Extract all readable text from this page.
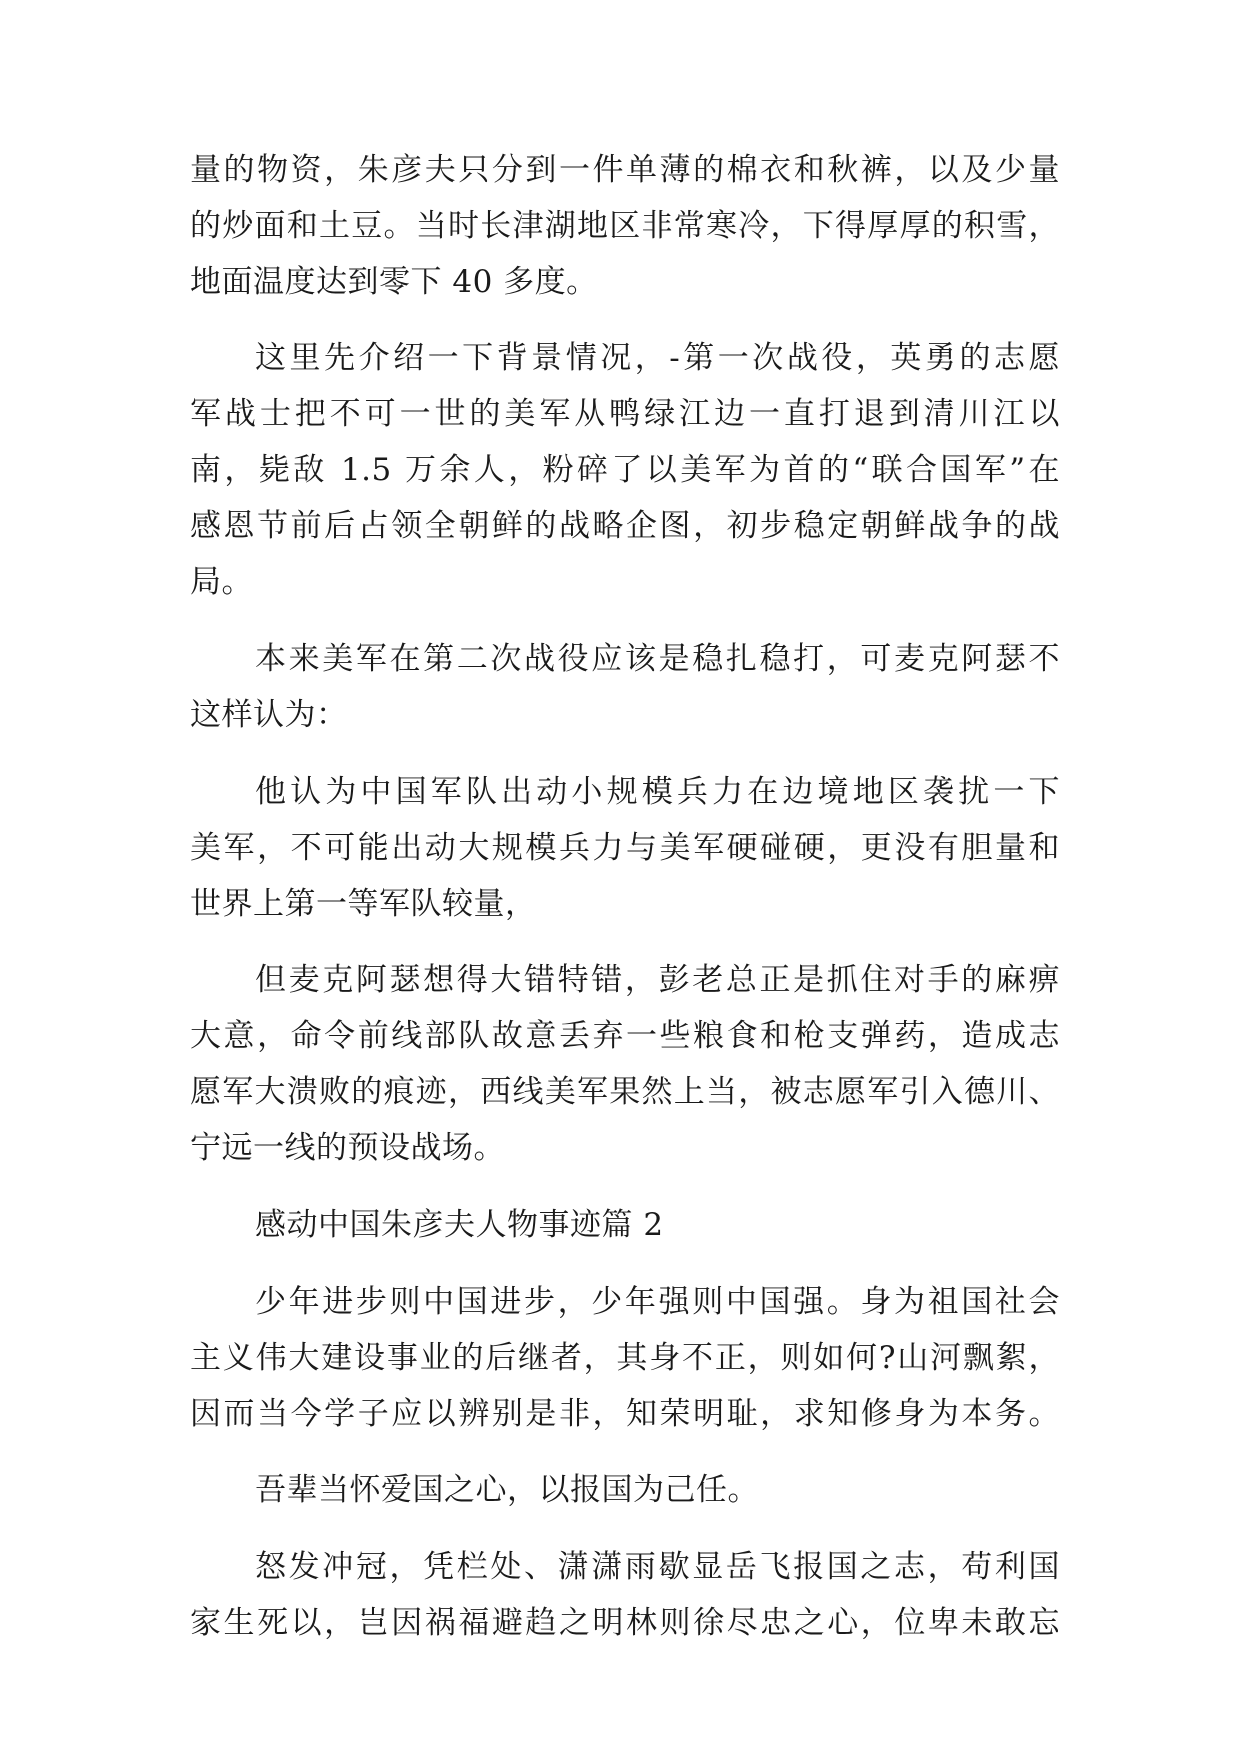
量的物资，朱彦夫只分到一件单薄的棉衣和秋裤，以及少量
的炒面和土豆。当时长津湖地区非常寒冷，下得厚厚的积雪，
地面温度达到零下 40 多度。
这里先介绍一下背景情况，-第一次战役，英勇的志愿
军战士把不可一世的美军从鸭绿江边一直打退到清川江以
南，毙敌 1.5 万余人，粉碎了以美军为首的“联合国军”在
感恩节前后占领全朝鲜的战略企图，初步稳定朝鲜战争的战
局。
本来美军在第二次战役应该是稳扎稳打，可麦克阿瑟不
这样认为：
他认为中国军队出动小规模兵力在边境地区袭扰一下
美军，不可能出动大规模兵力与美军硬碰硬，更没有胆量和
世界上第一等军队较量，
但麦克阿瑟想得大错特错，彭老总正是抓住对手的麻痹
大意，命令前线部队故意丢弃一些粮食和枪支弹药，造成志
愿军大溃败的痕迹，西线美军果然上当，被志愿军引入德川、
宁远一线的预设战场。
感动中国朱彦夫人物事迹篇 2
少年进步则中国进步，少年强则中国强。身为祖国社会
主义伟大建设事业的后继者，其身不正，则如何?山河飘絮，
因而当今学子应以辨别是非，知荣明耻，求知修身为本务。
吾辈当怀爱国之心，以报国为己任。
怒发冲冠，凭栏处、潇潇雨歇显岳飞报国之志，苟利国
家生死以，岂因祸福避趋之明林则徐尽忠之心，位卑未敢忘
